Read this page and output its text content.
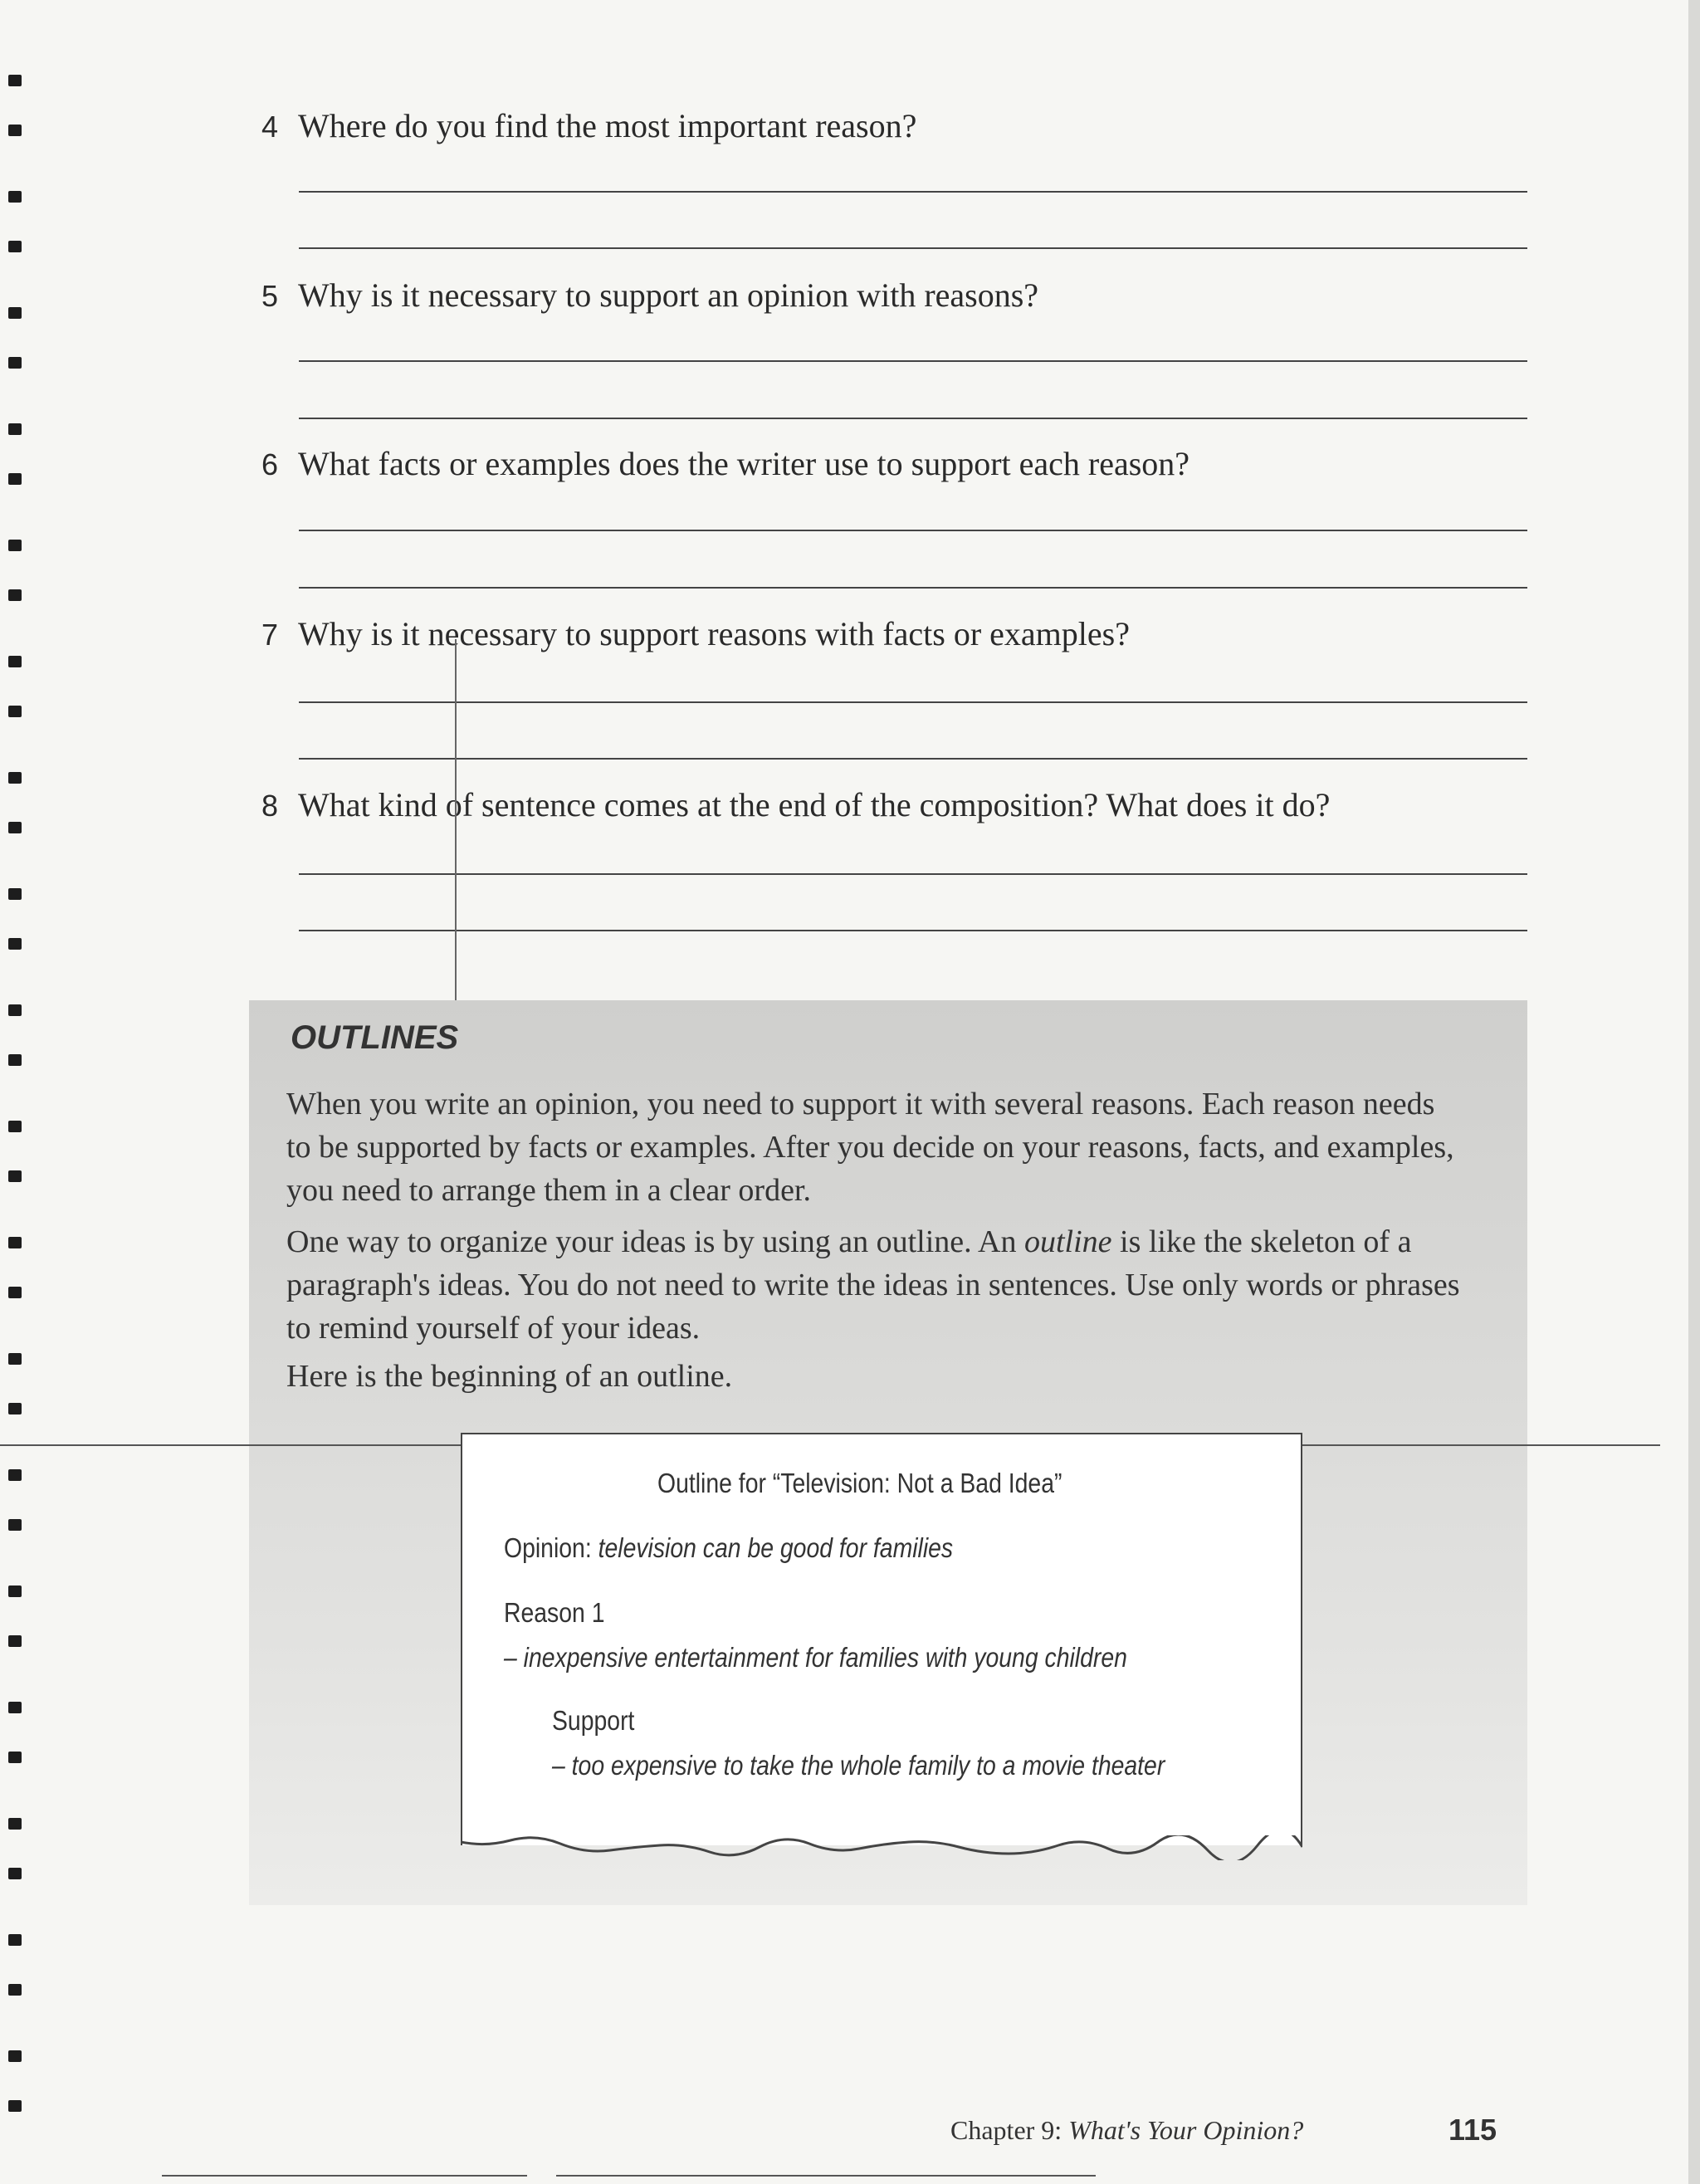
4 Where do you find the most important reason?
5 Why is it necessary to support an opinion with reasons?
6 What facts or examples does the writer use to support each reason?
7 Why is it necessary to support reasons with facts or examples?
8 What kind of sentence comes at the end of the composition? What does it do?
OUTLINES
When you write an opinion, you need to support it with several reasons. Each reason needs to be supported by facts or examples. After you decide on your reasons, facts, and examples, you need to arrange them in a clear order.
One way to organize your ideas is by using an outline. An outline is like the skeleton of a paragraph's ideas. You do not need to write the ideas in sentences. Use only words or phrases to remind yourself of your ideas.
Here is the beginning of an outline.
Outline for “Television: Not a Bad Idea”
Opinion: television can be good for families
Reason 1
– inexpensive entertainment for families with young children
Support
– too expensive to take the whole family to a movie theater
Chapter 9: What's Your Opinion?	115
